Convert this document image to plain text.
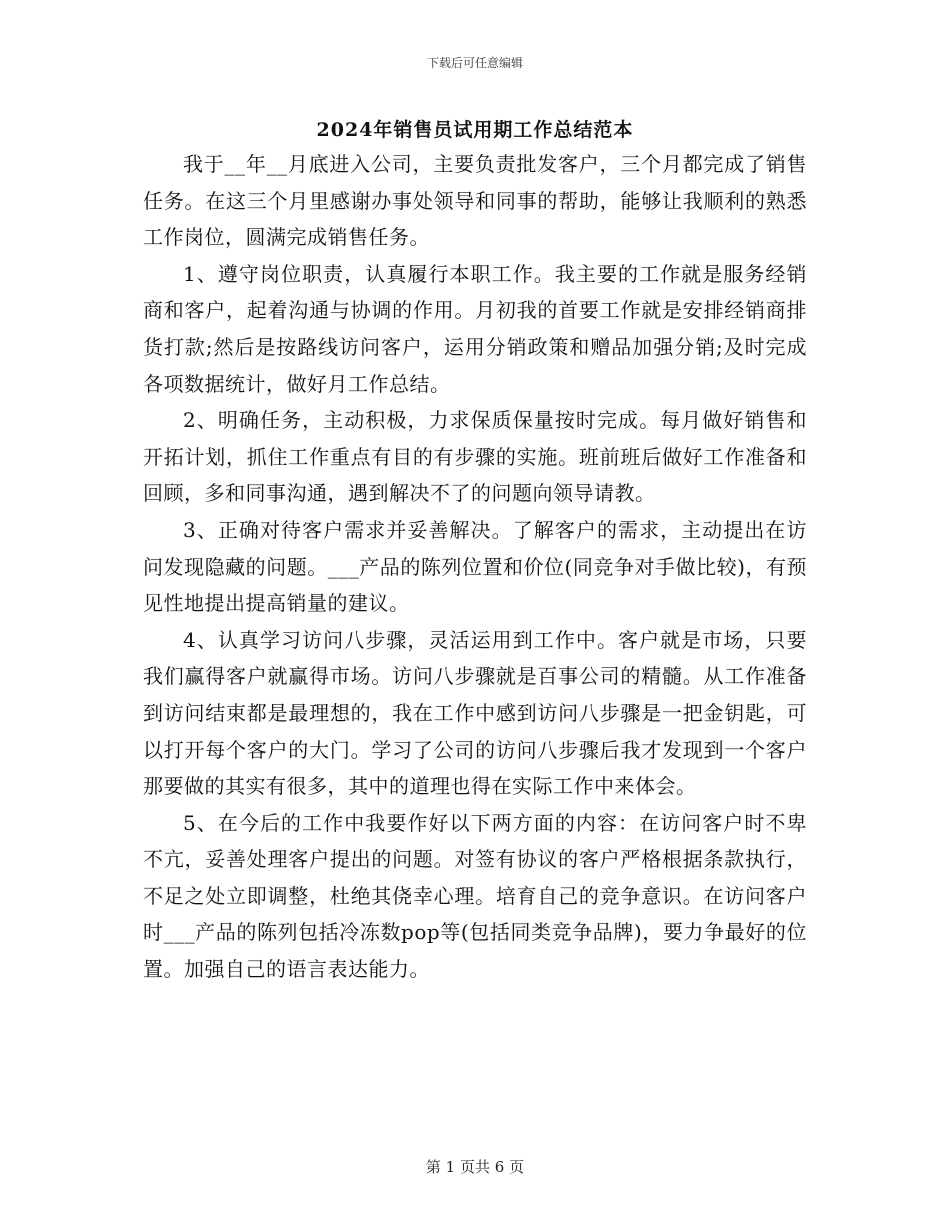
下载后可任意编辑
2024年销售员试用期工作总结范本

我于__年__月底进入公司，主要负责批发客户，三个月都完成了销售任务。在这三个月里感谢办事处领导和同事的帮助，能够让我顺利的熟悉工作岗位，圆满完成销售任务。

1、遵守岗位职责，认真履行本职工作。我主要的工作就是服务经销商和客户，起着沟通与协调的作用。月初我的首要工作就是安排经销商排货打款;然后是按路线访问客户，运用分销政策和赠品加强分销;及时完成各项数据统计，做好月工作总结。

2、明确任务，主动积极，力求保质保量按时完成。每月做好销售和开拓计划，抓住工作重点有目的有步骤的实施。班前班后做好工作准备和回顾，多和同事沟通，遇到解决不了的问题向领导请教。

3、正确对待客户需求并妥善解决。了解客户的需求，主动提出在访问发现隐藏的问题。___产品的陈列位置和价位(同竞争对手做比较)，有预见性地提出提高销量的建议。

4、认真学习访问八步骤，灵活运用到工作中。客户就是市场，只要我们赢得客户就赢得市场。访问八步骤就是百事公司的精髓。从工作准备到访问结束都是最理想的，我在工作中感到访问八步骤是一把金钥匙，可以打开每个客户的大门。学习了公司的访问八步骤后我才发现到一个客户那要做的其实有很多，其中的道理也得在实际工作中来体会。

5、在今后的工作中我要作好以下两方面的内容：在访问客户时不卑不亢，妥善处理客户提出的问题。对签有协议的客户严格根据条款执行，不足之处立即调整，杜绝其侥幸心理。培育自己的竞争意识。在访问客户时___产品的陈列包括冷冻数pop等(包括同类竞争品牌)，要力争最好的位置。加强自己的语言表达能力。

第 1 页共 6 页
